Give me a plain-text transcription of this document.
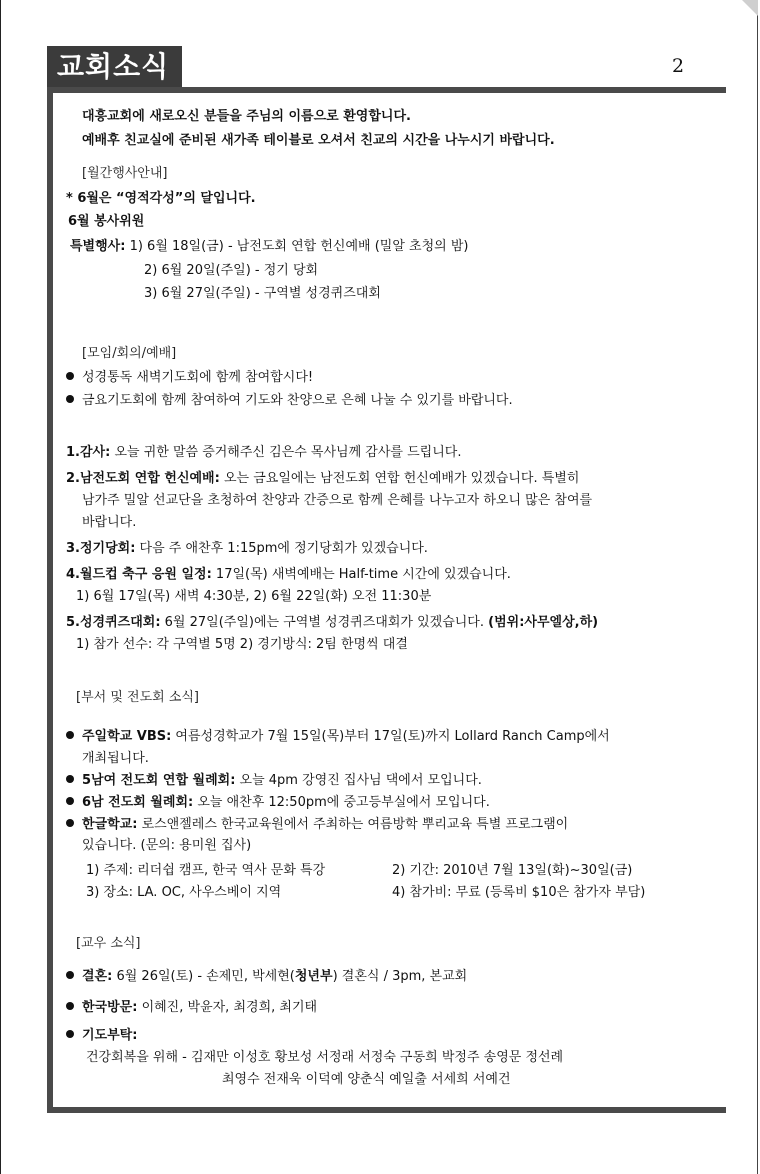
교회소식	2
대흥교회에 새로오신 분들을 주님의 이름으로 환영합니다.
예배후 친교실에 준비된 새가족 테이블로 오셔서 친교의 시간을 나누시기 바랍니다.
[월간행사안내]
* 6월은 “영적각성”의 달입니다.
6월 봉사위원
특별행사: 1) 6월 18일(금) - 남전도회 연합 헌신예배 (밀알 초청의 밤)
2) 6월 20일(주일) - 정기 당회
3) 6월 27일(주일) - 구역별 성경퀴즈대회
[모임/회의/예배]
성경통독 새벽기도회에 함께 참여합시다!
금요기도회에 함께 참여하여 기도와 찬양으로 은혜 나눌 수 있기를 바랍니다.
1.감사: 오늘 귀한 말씀 증거해주신 김은수 목사님께 감사를 드립니다.
2.남전도회 연합 헌신예배: 오는 금요일에는 남전도회 연합 헌신예배가 있겠습니다. 특별히
남가주 밀알 선교단을 초청하여 찬양과 간증으로 함께 은혜를 나누고자 하오니 많은 참여를
바랍니다.
3.정기당회: 다음 주 애찬후 1:15pm에 정기당회가 있겠습니다.
4.월드컵 축구 응원 일정: 17일(목) 새벽예배는 Half-time 시간에 있겠습니다.
1) 6월 17일(목) 새벽 4:30분, 2) 6월 22일(화) 오전 11:30분
5.성경퀴즈대회: 6월 27일(주일)에는 구역별 성경퀴즈대회가 있겠습니다. (범위:사무엘상,하)
1) 참가 선수: 각 구역별 5명 2) 경기방식: 2팀 한명씩 대결
[부서 및 전도회 소식]
주일학교 VBS: 여름성경학교가 7월 15일(목)부터 17일(토)까지 Lollard Ranch Camp에서
개최됩니다.
5남여 전도회 연합 월례회: 오늘 4pm 강영진 집사님 댁에서 모입니다.
6남 전도회 월례회: 오늘 애찬후 12:50pm에 중고등부실에서 모입니다.
한글학교: 로스앤젤레스 한국교육원에서 주최하는 여름방학 뿌리교육 특별 프로그램이
있습니다. (문의: 용미원 집사)
1) 주제: 리더쉽 캠프, 한국 역사 문화 특강	2) 기간: 2010년 7월 13일(화)~30일(금)
3) 장소: LA. OC, 사우스베이 지역	4) 참가비: 무료 (등록비 $10은 참가자 부담)
[교우 소식]
결혼: 6월 26일(토) - 손제민, 박세현(청년부) 결혼식 / 3pm, 본교회
한국방문: 이혜진, 박윤자, 최경희, 최기태
기도부탁:
건강회복을 위해 - 김재만 이성호 황보성 서정래 서정숙 구동희 박정주 송영문 정선례
최영수 전재욱 이덕예 양춘식 예일출 서세희 서예건
